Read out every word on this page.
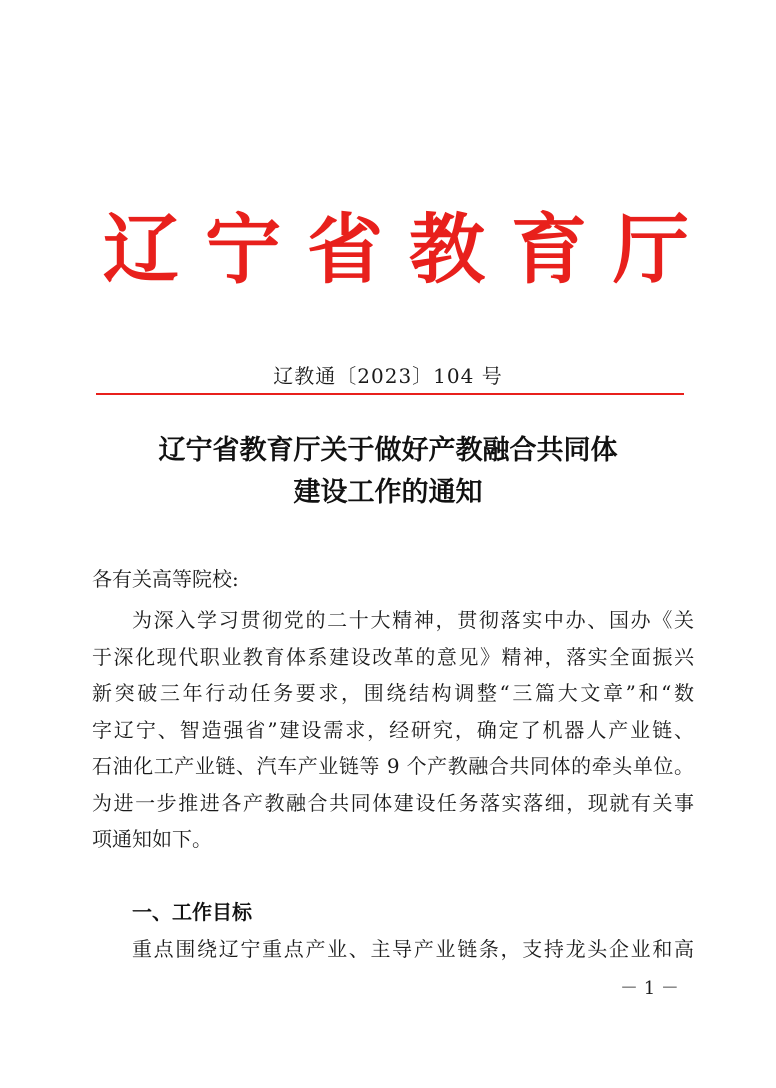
辽 宁 省 教 育 厅
辽教通〔2023〕104 号
辽宁省教育厅关于做好产教融合共同体
建设工作的通知
各有关高等院校:
为深入学习贯彻党的二十大精神，贯彻落实中办、国办《关
于深化现代职业教育体系建设改革的意见》精神，落实全面振兴
新突破三年行动任务要求，围绕结构调整“三篇大文章”和“数
字辽宁、智造强省”建设需求，经研究，确定了机器人产业链、
石油化工产业链、汽车产业链等 9 个产教融合共同体的牵头单位。
为进一步推进各产教融合共同体建设任务落实落细，现就有关事
项通知如下。
一、工作目标
重点围绕辽宁重点产业、主导产业链条，支持龙头企业和高
－ 1 －
